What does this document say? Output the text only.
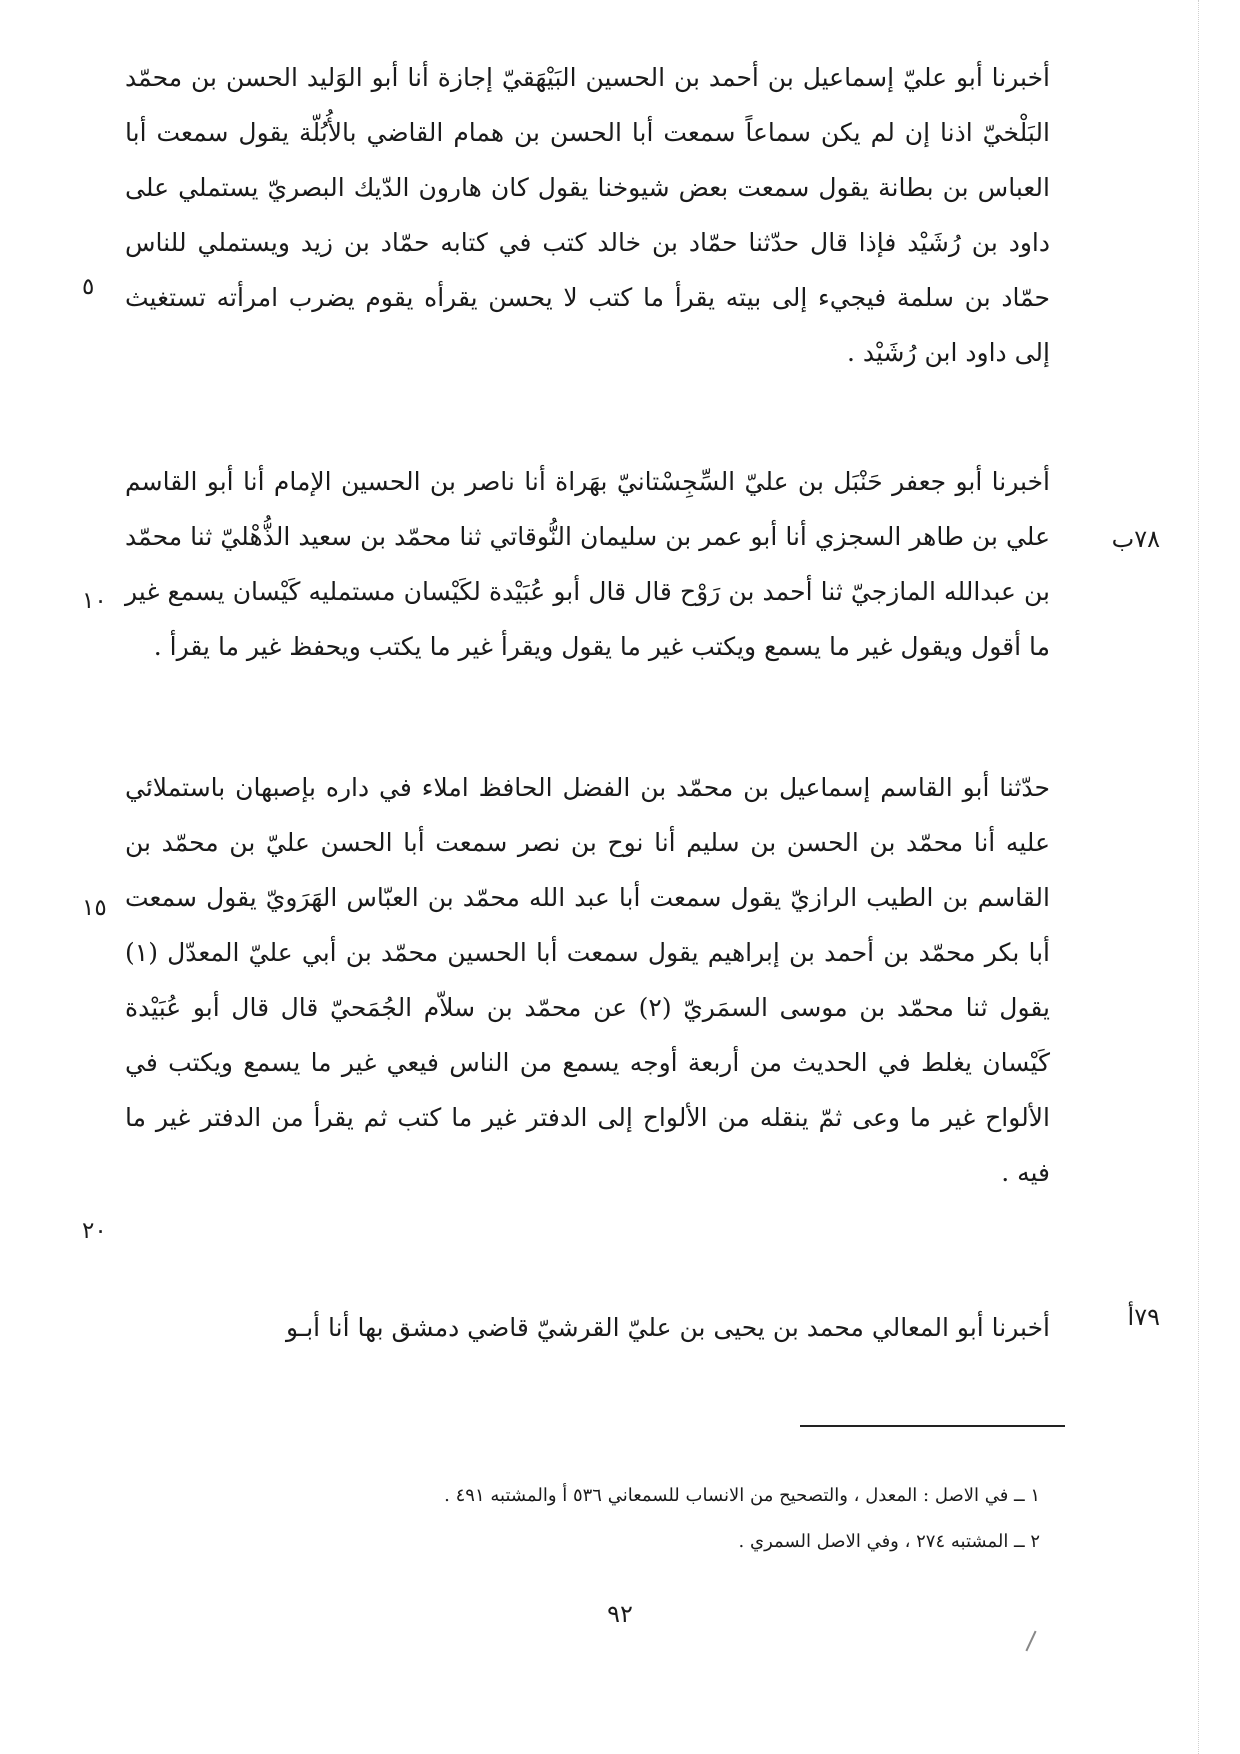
أخبرنا أبو عليّ إسماعيل بن أحمد بن الحسين البَيْهَقيّ إجازة أنا أبو الوَليد الحسن بن محمّد البَلْخيّ اذنا إن لم يكن سماعاً سمعت أبا الحسن بن همام القاضي بالأُبُلّة يقول سمعت أبا العباس بن بطانة يقول سمعت بعض شيوخنا يقول كان هارون الدّيك البصريّ يستملي على داود بن رُشَيْد فإذا قال حدّثنا حمّاد بن خالد كتب في كتابه حمّاد بن زيد ويستملي للناس حمّاد بن سلمة فيجيء إلى بيته يقرأ ما كتب لا يحسن يقرأه يقوم يضرب امرأته تستغيث إلى داود ابن رُشَيْد .

أخبرنا أبو جعفر حَنْبَل بن عليّ السِّجِسْتانيّ بهَراة أنا ناصر بن الحسين الإمام أنا أبو القاسم علي بن طاهر السجزي أنا أبو عمر بن سليمان النُّوقاتي ثنا محمّد بن سعيد الذُّهْليّ ثنا محمّد بن عبدالله المازجيّ ثنا أحمد بن رَوْح قال قال أبو عُبَيْدة لكَيْسان مستمليه كَيْسان يسمع غير ما أقول ويقول غير ما يسمع ويكتب غير ما يقول ويقرأ غير ما يكتب ويحفظ غير ما يقرأ .

حدّثنا أبو القاسم إسماعيل بن محمّد بن الفضل الحافظ املاء في داره بإصبهان باستملائي عليه أنا محمّد بن الحسن بن سليم أنا نوح بن نصر سمعت أبا الحسن عليّ بن محمّد بن القاسم بن الطيب الرازيّ يقول سمعت أبا عبد الله محمّد بن العبّاس الهَرَويّ يقول سمعت أبا بكر محمّد بن أحمد بن إبراهيم يقول سمعت أبا الحسين محمّد بن أبي عليّ المعدّل (١) يقول ثنا محمّد بن موسى السمَريّ (٢) عن محمّد بن سلاّم الجُمَحيّ قال قال أبو عُبَيْدة كَيْسان يغلط في الحديث من أربعة أوجه يسمع من الناس فيعي غير ما يسمع ويكتب في الألواح غير ما وعى ثمّ ينقله من الألواح إلى الدفتر غير ما كتب ثم يقرأ من الدفتر غير ما فيه .

أخبرنا أبو المعالي محمد بن يحيى بن عليّ القرشيّ قاضي دمشق بها أنا أبـو

٥
١٠
١٥
٢٠
٧٨ب
٧٩أ
١ ــ في الاصل : المعدل ، والتصحيح من الانساب للسمعاني ٥٣٦ أ والمشتبه ٤٩١ .
٢ ــ المشتبه ٢٧٤ ، وفي الاصل السمري .
٩٢
